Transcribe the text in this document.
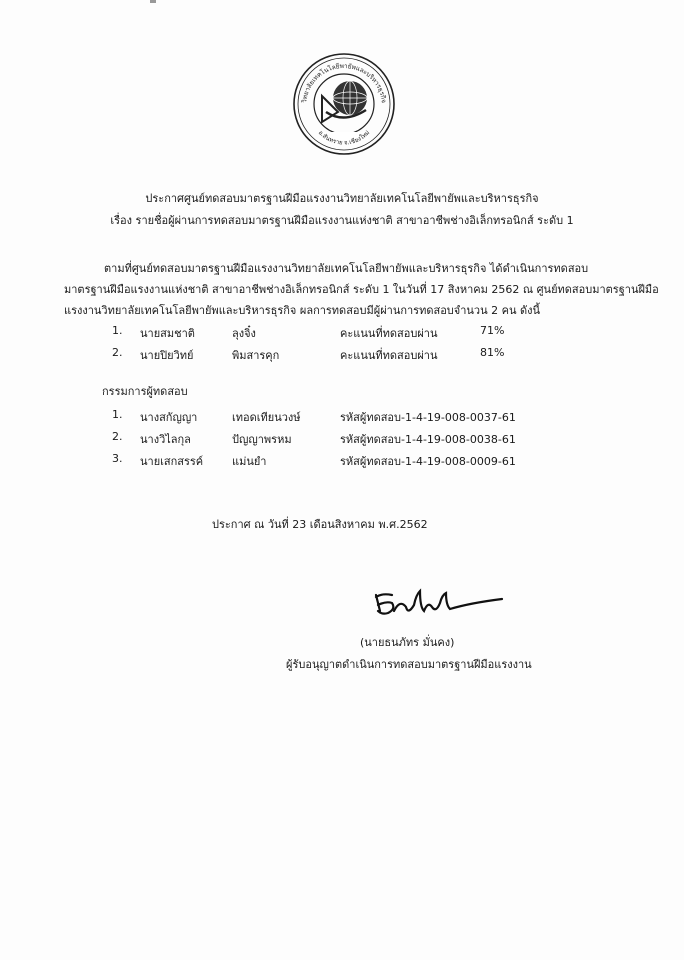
วิทยาลัยเทคโนโลยีพายัพและบริหารธุรกิจ
อ.สันทราย จ.เชียงใหม่
ประกาศศูนย์ทดสอบมาตรฐานฝีมือแรงงานวิทยาลัยเทคโนโลยีพายัพและบริหารธุรกิจ
เรื่อง รายชื่อผู้ผ่านการทดสอบมาตรฐานฝีมือแรงงานแห่งชาติ สาขาอาชีพช่างอิเล็กทรอนิกส์ ระดับ 1

ตามที่ศูนย์ทดสอบมาตรฐานฝีมือแรงงานวิทยาลัยเทคโนโลยีพายัพและบริหารธุรกิจ ได้ดำเนินการทดสอบ

มาตรฐานฝีมือแรงงานแห่งชาติ สาขาอาชีพช่างอิเล็กทรอนิกส์ ระดับ 1 ในวันที่ 17 สิงหาคม 2562 ณ ศูนย์ทดสอบมาตรฐานฝีมือ

แรงงานวิทยาลัยเทคโนโลยีพายัพและบริหารธุรกิจ ผลการทดสอบมีผู้ผ่านการทดสอบจำนวน 2 คน ดังนี้

1. นายสมชาติ	ลุงจิ๋ง	คะแนนที่ทดสอบผ่าน	71%
2. นายปิยวิทย์	พิมสารคุก	คะแนนที่ทดสอบผ่าน	81%
กรรมการผู้ทดสอบ
1. นางสกัญญา	เทอดเทียนวงษ์	รหัสผู้ทดสอบ-1-4-19-008-0037-61
2. นางวิไลกุล	ปัญญาพรหม	รหัสผู้ทดสอบ-1-4-19-008-0038-61
3. นายเสกสรรค์	แม่นยำ	รหัสผู้ทดสอบ-1-4-19-008-0009-61
ประกาศ ณ วันที่ 23 เดือนสิงหาคม พ.ศ.2562
(นายธนภัทร มั่นคง)
ผู้รับอนุญาตดำเนินการทดสอบมาตรฐานฝีมือแรงงาน
